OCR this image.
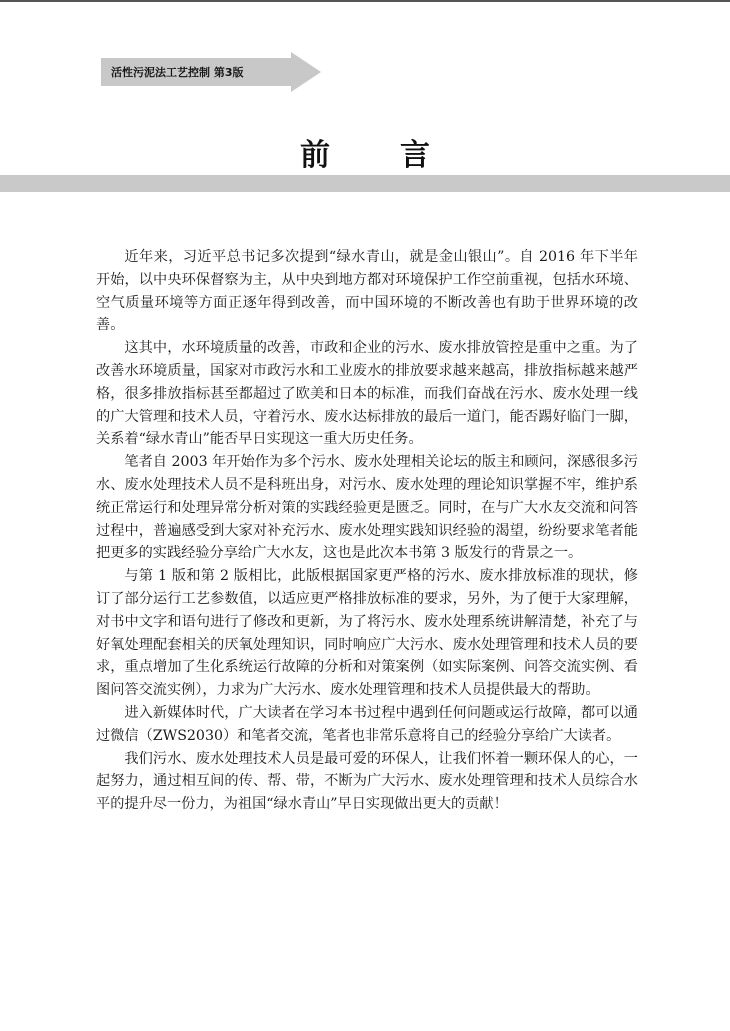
活性污泥法工艺控制 第3版
前言

近年来，习近平总书记多次提到“绿水青山，就是金山银山”。自 2016 年下半年开始，以中央环保督察为主，从中央到地方都对环境保护工作空前重视，包括水环境、空气质量环境等方面正逐年得到改善，而中国环境的不断改善也有助于世界环境的改善。

这其中，水环境质量的改善，市政和企业的污水、废水排放管控是重中之重。为了改善水环境质量，国家对市政污水和工业废水的排放要求越来越高，排放指标越来越严格，很多排放指标甚至都超过了欧美和日本的标准，而我们奋战在污水、废水处理一线的广大管理和技术人员，守着污水、废水达标排放的最后一道门，能否踢好临门一脚，关系着“绿水青山”能否早日实现这一重大历史任务。

笔者自 2003 年开始作为多个污水、废水处理相关论坛的版主和顾问，深感很多污水、废水处理技术人员不是科班出身，对污水、废水处理的理论知识掌握不牢，维护系统正常运行和处理异常分析对策的实践经验更是匮乏。同时，在与广大水友交流和问答过程中，普遍感受到大家对补充污水、废水处理实践知识经验的渴望，纷纷要求笔者能把更多的实践经验分享给广大水友，这也是此次本书第 3 版发行的背景之一。

与第 1 版和第 2 版相比，此版根据国家更严格的污水、废水排放标准的现状，修订了部分运行工艺参数值，以适应更严格排放标准的要求，另外，为了便于大家理解，对书中文字和语句进行了修改和更新，为了将污水、废水处理系统讲解清楚，补充了与好氧处理配套相关的厌氧处理知识，同时响应广大污水、废水处理管理和技术人员的要求，重点增加了生化系统运行故障的分析和对策案例（如实际案例、问答交流实例、看图问答交流实例），力求为广大污水、废水处理管理和技术人员提供最大的帮助。

进入新媒体时代，广大读者在学习本书过程中遇到任何问题或运行故障，都可以通过微信（ZWS2030）和笔者交流，笔者也非常乐意将自己的经验分享给广大读者。

我们污水、废水处理技术人员是最可爱的环保人，让我们怀着一颗环保人的心，一起努力，通过相互间的传、帮、带，不断为广大污水、废水处理管理和技术人员综合水平的提升尽一份力，为祖国“绿水青山”早日实现做出更大的贡献！
